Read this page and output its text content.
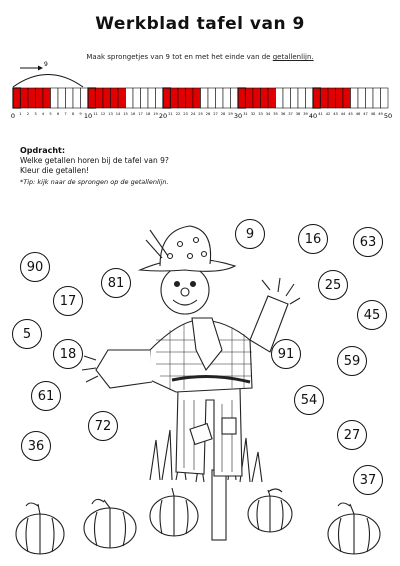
Werkblad tafel van 9
Maak sprongetjes van 9 tot en met het einde van de getallenlijn.
9
0	10	20	30	40	50
1 2 3 4 5 6 7 8 9	11 12 13 14 15 16 17 18 19	21 22 23 24 25 26 27 28 29	31 32 33 34 35 36 37 38 39	41 42 43 44 45 46 47 48 49
Opdracht:
Welke getallen horen bij de tafel van 9?
Kleur die getallen!
*Tip: kijk naar de sprongen op de getallenlijn.
9	16	63
90
81	25
17
45
5
18	91	59
61	54
72
27
36
37
